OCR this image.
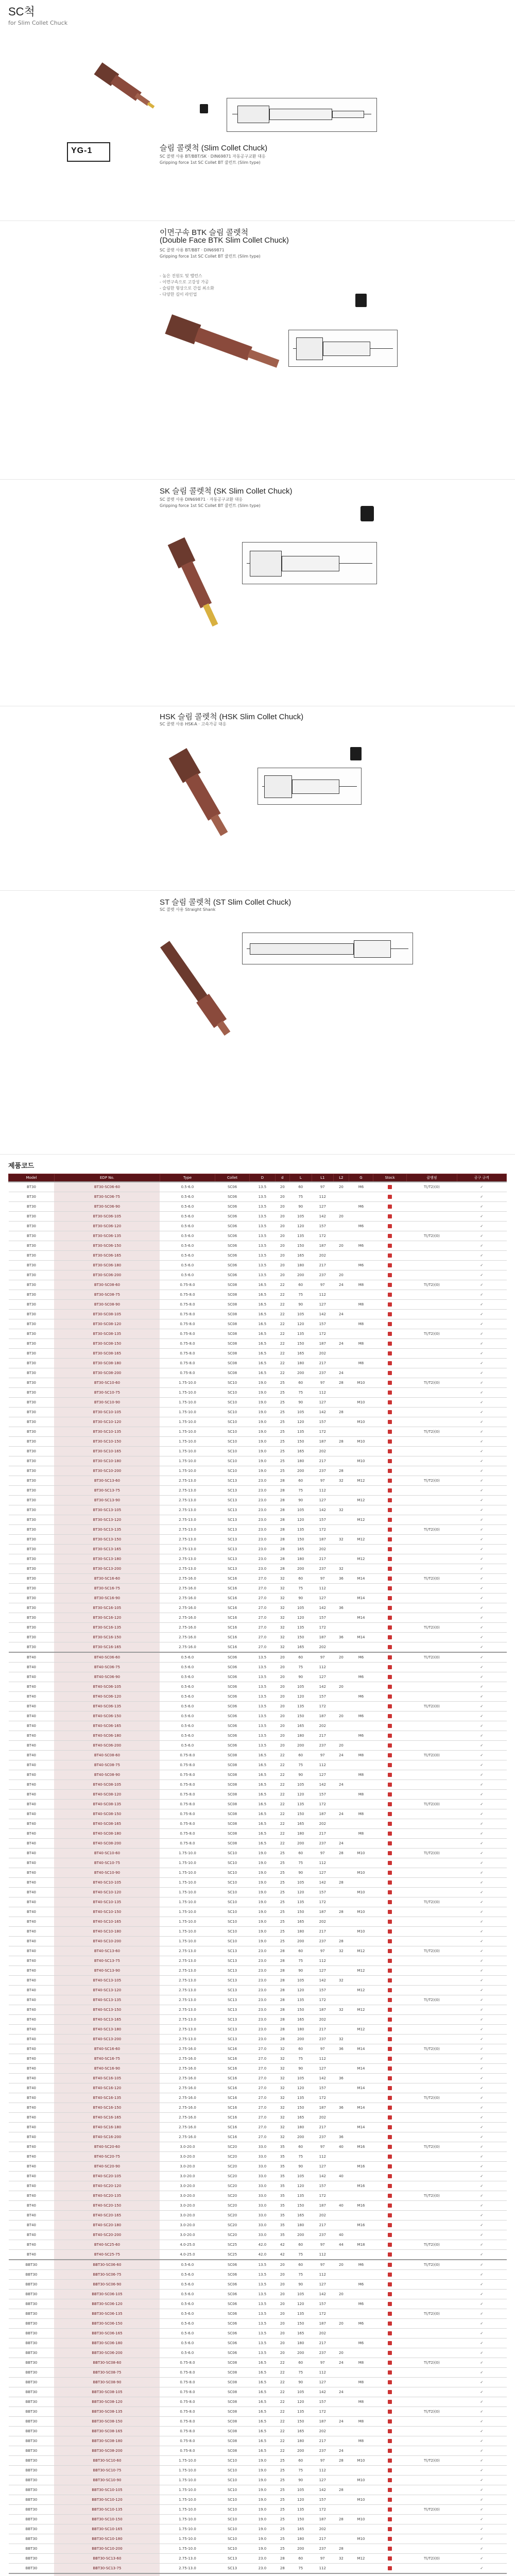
SC척
for Slim Collet Chuck
YG-1	슬림 콜렛척 (Slim Collet Chuck)
SC 콜렛 사용 BT/BBT/SK · DIN69871 자동공구교환 대응
Gripping force 1st SC Collet BT 쿨런트 (Slim type)
이면구속 BTK 슬림 콜렛척
(Double Face BTK Slim Collet Chuck)
SC 콜렛 사용 BT/BBT · DIN69871
Gripping force 1st SC Collet BT 쿨런트 (Slim type)
- 높은 진원도 및 밸런스
- 이면구속으로 고강성 가공
- 슬림한 형상으로 간섭 최소화
- 다양한 길이 라인업
SK 슬림 콜렛척 (SK Slim Collet Chuck)
SC 콜렛 사용 DIN69871 · 자동공구교환 대응
Gripping force 1st SC Collet BT 쿨런트 (Slim type)
HSK 슬림 콜렛척 (HSK Slim Collet Chuck)
SC 콜렛 사용 HSK-A · 고속가공 대응
ST 슬림 콜렛척 (ST Slim Collet Chuck)
SC 콜렛 사용 Straight Shank
제품코드
Model	EDP No.	Type	Collet	D	d	L	L1	L2	G	Stock	클램핑	공구 규격
BT30	BT30-SC06-60	0.5-6.0	SC06	13.5	20	60	97	20	M6		T(/T2)(0)	✓
BT30	BT30-SC06-75	0.5-6.0	SC06	13.5	20	75	112					✓
BT30	BT30-SC06-90	0.5-6.0	SC06	13.5	20	90	127		M6			✓
BT30	BT30-SC06-105	0.5-6.0	SC06	13.5	20	105	142	20				✓
BT30	BT30-SC06-120	0.5-6.0	SC06	13.5	20	120	157		M6			✓
BT30	BT30-SC06-135	0.5-6.0	SC06	13.5	20	135	172				T(/T2)(0)	✓
BT30	BT30-SC06-150	0.5-6.0	SC06	13.5	20	150	187	20	M6			✓
BT30	BT30-SC06-165	0.5-6.0	SC06	13.5	20	165	202					✓
BT30	BT30-SC06-180	0.5-6.0	SC06	13.5	20	180	217		M6			✓
BT30	BT30-SC06-200	0.5-6.0	SC06	13.5	20	200	237	20				✓
BT30	BT30-SC08-60	0.75-8.0	SC08	16.5	22	60	97	24	M8		T(/T2)(0)	✓
BT30	BT30-SC08-75	0.75-8.0	SC08	16.5	22	75	112					✓
BT30	BT30-SC08-90	0.75-8.0	SC08	16.5	22	90	127		M8			✓
BT30	BT30-SC08-105	0.75-8.0	SC08	16.5	22	105	142	24				✓
BT30	BT30-SC08-120	0.75-8.0	SC08	16.5	22	120	157		M8			✓
BT30	BT30-SC08-135	0.75-8.0	SC08	16.5	22	135	172				T(/T2)(0)	✓
BT30	BT30-SC08-150	0.75-8.0	SC08	16.5	22	150	187	24	M8			✓
BT30	BT30-SC08-165	0.75-8.0	SC08	16.5	22	165	202					✓
BT30	BT30-SC08-180	0.75-8.0	SC08	16.5	22	180	217		M8			✓
BT30	BT30-SC08-200	0.75-8.0	SC08	16.5	22	200	237	24				✓
BT30	BT30-SC10-60	1.75-10.0	SC10	19.0	25	60	97	28	M10		T(/T2)(0)	✓
BT30	BT30-SC10-75	1.75-10.0	SC10	19.0	25	75	112					✓
BT30	BT30-SC10-90	1.75-10.0	SC10	19.0	25	90	127		M10			✓
BT30	BT30-SC10-105	1.75-10.0	SC10	19.0	25	105	142	28				✓
BT30	BT30-SC10-120	1.75-10.0	SC10	19.0	25	120	157		M10			✓
BT30	BT30-SC10-135	1.75-10.0	SC10	19.0	25	135	172				T(/T2)(0)	✓
BT30	BT30-SC10-150	1.75-10.0	SC10	19.0	25	150	187	28	M10			✓
BT30	BT30-SC10-165	1.75-10.0	SC10	19.0	25	165	202					✓
BT30	BT30-SC10-180	1.75-10.0	SC10	19.0	25	180	217		M10			✓
BT30	BT30-SC10-200	1.75-10.0	SC10	19.0	25	200	237	28				✓
BT30	BT30-SC13-60	2.75-13.0	SC13	23.0	28	60	97	32	M12		T(/T2)(0)	✓
BT30	BT30-SC13-75	2.75-13.0	SC13	23.0	28	75	112					✓
BT30	BT30-SC13-90	2.75-13.0	SC13	23.0	28	90	127		M12			✓
BT30	BT30-SC13-105	2.75-13.0	SC13	23.0	28	105	142	32				✓
BT30	BT30-SC13-120	2.75-13.0	SC13	23.0	28	120	157		M12			✓
BT30	BT30-SC13-135	2.75-13.0	SC13	23.0	28	135	172				T(/T2)(0)	✓
BT30	BT30-SC13-150	2.75-13.0	SC13	23.0	28	150	187	32	M12			✓
BT30	BT30-SC13-165	2.75-13.0	SC13	23.0	28	165	202					✓
BT30	BT30-SC13-180	2.75-13.0	SC13	23.0	28	180	217		M12			✓
BT30	BT30-SC13-200	2.75-13.0	SC13	23.0	28	200	237	32				✓
BT30	BT30-SC16-60	2.75-16.0	SC16	27.0	32	60	97	36	M14		T(/T2)(0)	✓
BT30	BT30-SC16-75	2.75-16.0	SC16	27.0	32	75	112					✓
BT30	BT30-SC16-90	2.75-16.0	SC16	27.0	32	90	127		M14			✓
BT30	BT30-SC16-105	2.75-16.0	SC16	27.0	32	105	142	36				✓
BT30	BT30-SC16-120	2.75-16.0	SC16	27.0	32	120	157		M14			✓
BT30	BT30-SC16-135	2.75-16.0	SC16	27.0	32	135	172				T(/T2)(0)	✓
BT30	BT30-SC16-150	2.75-16.0	SC16	27.0	32	150	187	36	M14			✓
BT30	BT30-SC16-165	2.75-16.0	SC16	27.0	32	165	202					✓
BT40	BT40-SC06-60	0.5-6.0	SC06	13.5	20	60	97	20	M6		T(/T2)(0)	✓
BT40	BT40-SC06-75	0.5-6.0	SC06	13.5	20	75	112					✓
BT40	BT40-SC06-90	0.5-6.0	SC06	13.5	20	90	127		M6			✓
BT40	BT40-SC06-105	0.5-6.0	SC06	13.5	20	105	142	20				✓
BT40	BT40-SC06-120	0.5-6.0	SC06	13.5	20	120	157		M6			✓
BT40	BT40-SC06-135	0.5-6.0	SC06	13.5	20	135	172				T(/T2)(0)	✓
BT40	BT40-SC06-150	0.5-6.0	SC06	13.5	20	150	187	20	M6			✓
BT40	BT40-SC06-165	0.5-6.0	SC06	13.5	20	165	202					✓
BT40	BT40-SC06-180	0.5-6.0	SC06	13.5	20	180	217		M6			✓
BT40	BT40-SC06-200	0.5-6.0	SC06	13.5	20	200	237	20				✓
BT40	BT40-SC08-60	0.75-8.0	SC08	16.5	22	60	97	24	M8		T(/T2)(0)	✓
BT40	BT40-SC08-75	0.75-8.0	SC08	16.5	22	75	112					✓
BT40	BT40-SC08-90	0.75-8.0	SC08	16.5	22	90	127		M8			✓
BT40	BT40-SC08-105	0.75-8.0	SC08	16.5	22	105	142	24				✓
BT40	BT40-SC08-120	0.75-8.0	SC08	16.5	22	120	157		M8			✓
BT40	BT40-SC08-135	0.75-8.0	SC08	16.5	22	135	172				T(/T2)(0)	✓
BT40	BT40-SC08-150	0.75-8.0	SC08	16.5	22	150	187	24	M8			✓
BT40	BT40-SC08-165	0.75-8.0	SC08	16.5	22	165	202					✓
BT40	BT40-SC08-180	0.75-8.0	SC08	16.5	22	180	217		M8			✓
BT40	BT40-SC08-200	0.75-8.0	SC08	16.5	22	200	237	24				✓
BT40	BT40-SC10-60	1.75-10.0	SC10	19.0	25	60	97	28	M10		T(/T2)(0)	✓
BT40	BT40-SC10-75	1.75-10.0	SC10	19.0	25	75	112					✓
BT40	BT40-SC10-90	1.75-10.0	SC10	19.0	25	90	127		M10			✓
BT40	BT40-SC10-105	1.75-10.0	SC10	19.0	25	105	142	28				✓
BT40	BT40-SC10-120	1.75-10.0	SC10	19.0	25	120	157		M10			✓
BT40	BT40-SC10-135	1.75-10.0	SC10	19.0	25	135	172				T(/T2)(0)	✓
BT40	BT40-SC10-150	1.75-10.0	SC10	19.0	25	150	187	28	M10			✓
BT40	BT40-SC10-165	1.75-10.0	SC10	19.0	25	165	202					✓
BT40	BT40-SC10-180	1.75-10.0	SC10	19.0	25	180	217		M10			✓
BT40	BT40-SC10-200	1.75-10.0	SC10	19.0	25	200	237	28				✓
BT40	BT40-SC13-60	2.75-13.0	SC13	23.0	28	60	97	32	M12		T(/T2)(0)	✓
BT40	BT40-SC13-75	2.75-13.0	SC13	23.0	28	75	112					✓
BT40	BT40-SC13-90	2.75-13.0	SC13	23.0	28	90	127		M12			✓
BT40	BT40-SC13-105	2.75-13.0	SC13	23.0	28	105	142	32				✓
BT40	BT40-SC13-120	2.75-13.0	SC13	23.0	28	120	157		M12			✓
BT40	BT40-SC13-135	2.75-13.0	SC13	23.0	28	135	172				T(/T2)(0)	✓
BT40	BT40-SC13-150	2.75-13.0	SC13	23.0	28	150	187	32	M12			✓
BT40	BT40-SC13-165	2.75-13.0	SC13	23.0	28	165	202					✓
BT40	BT40-SC13-180	2.75-13.0	SC13	23.0	28	180	217		M12			✓
BT40	BT40-SC13-200	2.75-13.0	SC13	23.0	28	200	237	32				✓
BT40	BT40-SC16-60	2.75-16.0	SC16	27.0	32	60	97	36	M14		T(/T2)(0)	✓
BT40	BT40-SC16-75	2.75-16.0	SC16	27.0	32	75	112					✓
BT40	BT40-SC16-90	2.75-16.0	SC16	27.0	32	90	127		M14			✓
BT40	BT40-SC16-105	2.75-16.0	SC16	27.0	32	105	142	36				✓
BT40	BT40-SC16-120	2.75-16.0	SC16	27.0	32	120	157		M14			✓
BT40	BT40-SC16-135	2.75-16.0	SC16	27.0	32	135	172				T(/T2)(0)	✓
BT40	BT40-SC16-150	2.75-16.0	SC16	27.0	32	150	187	36	M14			✓
BT40	BT40-SC16-165	2.75-16.0	SC16	27.0	32	165	202					✓
BT40	BT40-SC16-180	2.75-16.0	SC16	27.0	32	180	217		M14			✓
BT40	BT40-SC16-200	2.75-16.0	SC16	27.0	32	200	237	36				✓
BT40	BT40-SC20-60	3.0-20.0	SC20	33.0	35	60	97	40	M16		T(/T2)(0)	✓
BT40	BT40-SC20-75	3.0-20.0	SC20	33.0	35	75	112					✓
BT40	BT40-SC20-90	3.0-20.0	SC20	33.0	35	90	127		M16			✓
BT40	BT40-SC20-105	3.0-20.0	SC20	33.0	35	105	142	40				✓
BT40	BT40-SC20-120	3.0-20.0	SC20	33.0	35	120	157		M16			✓
BT40	BT40-SC20-135	3.0-20.0	SC20	33.0	35	135	172				T(/T2)(0)	✓
BT40	BT40-SC20-150	3.0-20.0	SC20	33.0	35	150	187	40	M16			✓
BT40	BT40-SC20-165	3.0-20.0	SC20	33.0	35	165	202					✓
BT40	BT40-SC20-180	3.0-20.0	SC20	33.0	35	180	217		M16			✓
BT40	BT40-SC20-200	3.0-20.0	SC20	33.0	35	200	237	40				✓
BT40	BT40-SC25-60	4.0-25.0	SC25	42.0	42	60	97	44	M18		T(/T2)(0)	✓
BT40	BT40-SC25-75	4.0-25.0	SC25	42.0	42	75	112					✓
BBT30	BBT30-SC06-60	0.5-6.0	SC06	13.5	20	60	97	20	M6		T(/T2)(0)	✓
BBT30	BBT30-SC06-75	0.5-6.0	SC06	13.5	20	75	112					✓
BBT30	BBT30-SC06-90	0.5-6.0	SC06	13.5	20	90	127		M6			✓
BBT30	BBT30-SC06-105	0.5-6.0	SC06	13.5	20	105	142	20				✓
BBT30	BBT30-SC06-120	0.5-6.0	SC06	13.5	20	120	157		M6			✓
BBT30	BBT30-SC06-135	0.5-6.0	SC06	13.5	20	135	172				T(/T2)(0)	✓
BBT30	BBT30-SC06-150	0.5-6.0	SC06	13.5	20	150	187	20	M6			✓
BBT30	BBT30-SC06-165	0.5-6.0	SC06	13.5	20	165	202					✓
BBT30	BBT30-SC06-180	0.5-6.0	SC06	13.5	20	180	217		M6			✓
BBT30	BBT30-SC06-200	0.5-6.0	SC06	13.5	20	200	237	20				✓
BBT30	BBT30-SC08-60	0.75-8.0	SC08	16.5	22	60	97	24	M8		T(/T2)(0)	✓
BBT30	BBT30-SC08-75	0.75-8.0	SC08	16.5	22	75	112					✓
BBT30	BBT30-SC08-90	0.75-8.0	SC08	16.5	22	90	127		M8			✓
BBT30	BBT30-SC08-105	0.75-8.0	SC08	16.5	22	105	142	24				✓
BBT30	BBT30-SC08-120	0.75-8.0	SC08	16.5	22	120	157		M8			✓
BBT30	BBT30-SC08-135	0.75-8.0	SC08	16.5	22	135	172				T(/T2)(0)	✓
BBT30	BBT30-SC08-150	0.75-8.0	SC08	16.5	22	150	187	24	M8			✓
BBT30	BBT30-SC08-165	0.75-8.0	SC08	16.5	22	165	202					✓
BBT30	BBT30-SC08-180	0.75-8.0	SC08	16.5	22	180	217		M8			✓
BBT30	BBT30-SC08-200	0.75-8.0	SC08	16.5	22	200	237	24				✓
BBT30	BBT30-SC10-60	1.75-10.0	SC10	19.0	25	60	97	28	M10		T(/T2)(0)	✓
BBT30	BBT30-SC10-75	1.75-10.0	SC10	19.0	25	75	112					✓
BBT30	BBT30-SC10-90	1.75-10.0	SC10	19.0	25	90	127		M10			✓
BBT30	BBT30-SC10-105	1.75-10.0	SC10	19.0	25	105	142	28				✓
BBT30	BBT30-SC10-120	1.75-10.0	SC10	19.0	25	120	157		M10			✓
BBT30	BBT30-SC10-135	1.75-10.0	SC10	19.0	25	135	172				T(/T2)(0)	✓
BBT30	BBT30-SC10-150	1.75-10.0	SC10	19.0	25	150	187	28	M10			✓
BBT30	BBT30-SC10-165	1.75-10.0	SC10	19.0	25	165	202					✓
BBT30	BBT30-SC10-180	1.75-10.0	SC10	19.0	25	180	217		M10			✓
BBT30	BBT30-SC10-200	1.75-10.0	SC10	19.0	25	200	237	28				✓
BBT30	BBT30-SC13-60	2.75-13.0	SC13	23.0	28	60	97	32	M12		T(/T2)(0)	✓
BBT30	BBT30-SC13-75	2.75-13.0	SC13	23.0	28	75	112					✓
